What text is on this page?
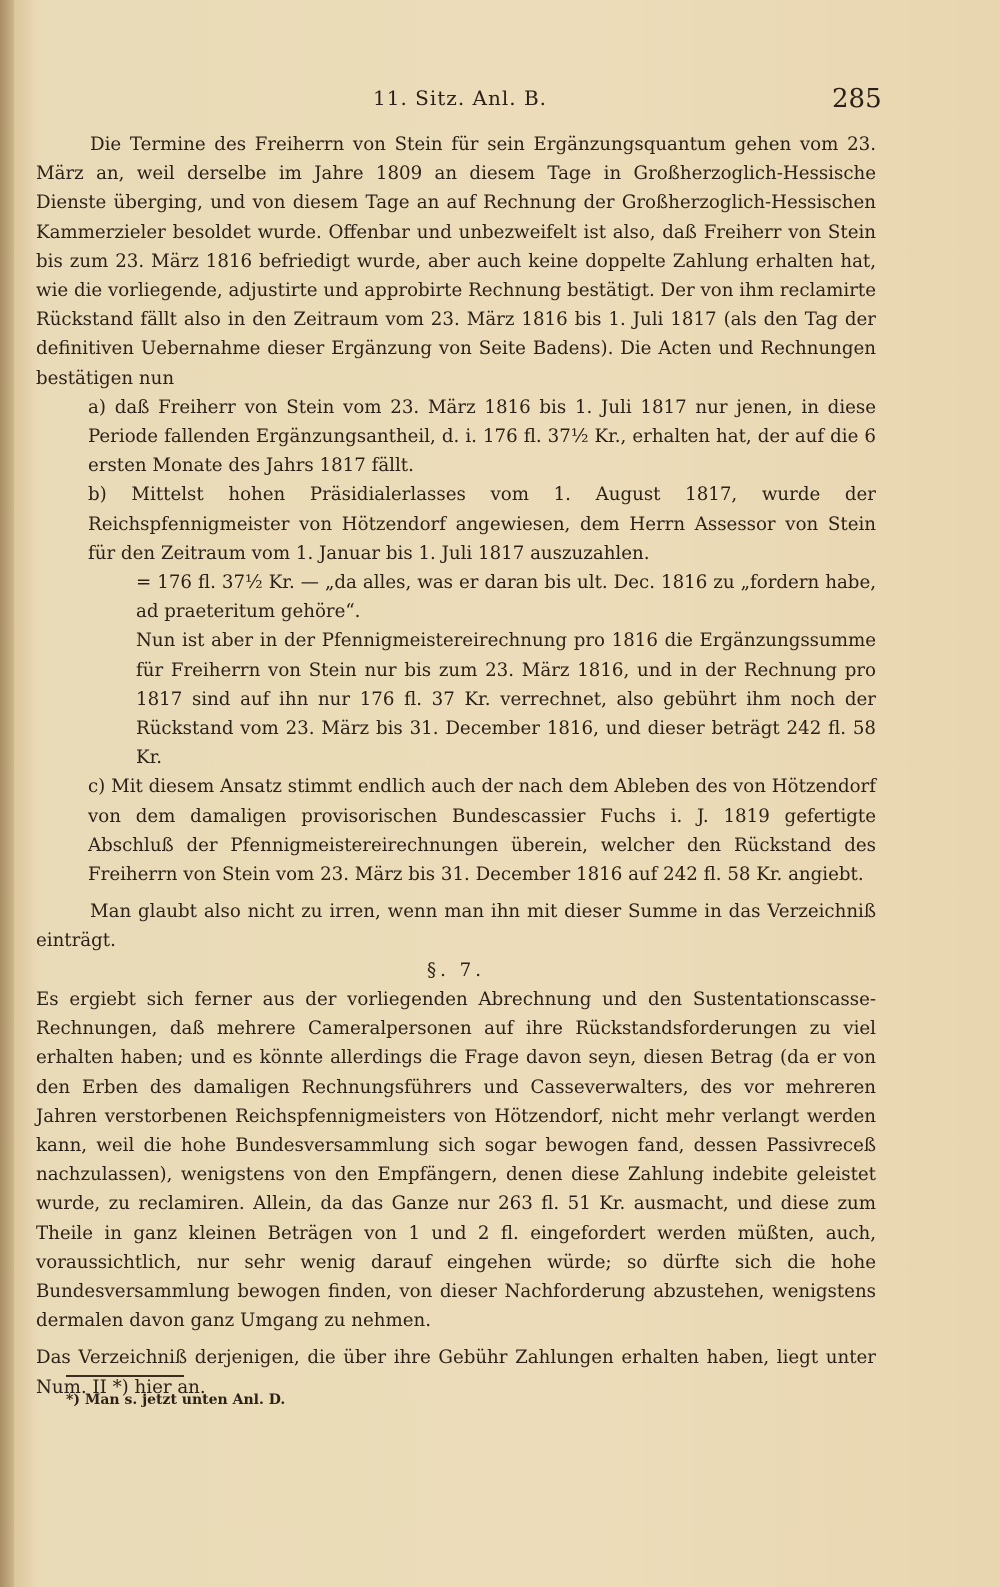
11. Sitz. Anl. B.	285

Die Termine des Freiherrn von Stein für sein Ergänzungsquantum gehen vom 23. März an, weil derselbe im Jahre 1809 an diesem Tage in Großherzoglich-Hessische Dienste überging, und von diesem Tage an auf Rechnung der Großherzoglich-Hessischen Kammerzieler besoldet wurde. Offenbar und unbezweifelt ist also, daß Freiherr von Stein bis zum 23. März 1816 befriedigt wurde, aber auch keine doppelte Zahlung erhalten hat, wie die vorliegende, adjustirte und approbirte Rechnung bestätigt. Der von ihm reclamirte Rückstand fällt also in den Zeitraum vom 23. März 1816 bis 1. Juli 1817 (als den Tag der definitiven Uebernahme dieser Ergänzung von Seite Badens). Die Acten und Rechnungen bestätigen nun

a) daß Freiherr von Stein vom 23. März 1816 bis 1. Juli 1817 nur jenen, in diese Periode fallenden Ergänzungsantheil, d. i. 176 fl. 37½ Kr., erhalten hat, der auf die 6 ersten Monate des Jahrs 1817 fällt.

b) Mittelst hohen Präsidialerlasses vom 1. August 1817, wurde der Reichspfennigmeister von Hötzendorf angewiesen, dem Herrn Assessor von Stein für den Zeitraum vom 1. Januar bis 1. Juli 1817 auszuzahlen.

= 176 fl. 37½ Kr. — „da alles, was er daran bis ult. Dec. 1816 zu „fordern habe, ad praeteritum gehöre“.

Nun ist aber in der Pfennigmeistereirechnung pro 1816 die Ergänzungssumme für Freiherrn von Stein nur bis zum 23. März 1816, und in der Rechnung pro 1817 sind auf ihn nur 176 fl. 37 Kr. verrechnet, also gebührt ihm noch der Rückstand vom 23. März bis 31. December 1816, und dieser beträgt 242 fl. 58 Kr.

c) Mit diesem Ansatz stimmt endlich auch der nach dem Ableben des von Hötzendorf von dem damaligen provisorischen Bundescassier Fuchs i. J. 1819 gefertigte Abschluß der Pfennigmeistereirechnungen überein, welcher den Rückstand des Freiherrn von Stein vom 23. März bis 31. December 1816 auf 242 fl. 58 Kr. angiebt.

Man glaubt also nicht zu irren, wenn man ihn mit dieser Summe in das Verzeichniß einträgt.

§. 7.

Es ergiebt sich ferner aus der vorliegenden Abrechnung und den Sustentationscasse-Rechnungen, daß mehrere Cameralpersonen auf ihre Rückstandsforderungen zu viel erhalten haben; und es könnte allerdings die Frage davon seyn, diesen Betrag (da er von den Erben des damaligen Rechnungsführers und Casseverwalters, des vor mehreren Jahren verstorbenen Reichspfennigmeisters von Hötzendorf, nicht mehr verlangt werden kann, weil die hohe Bundesversammlung sich sogar bewogen fand, dessen Passivreceß nachzulassen), wenigstens von den Empfängern, denen diese Zahlung indebite geleistet wurde, zu reclamiren. Allein, da das Ganze nur 263 fl. 51 Kr. ausmacht, und diese zum Theile in ganz kleinen Beträgen von 1 und 2 fl. eingefordert werden müßten, auch, voraussichtlich, nur sehr wenig darauf eingehen würde; so dürfte sich die hohe Bundesversammlung bewogen finden, von dieser Nachforderung abzustehen, wenigstens dermalen davon ganz Umgang zu nehmen.

Das Verzeichniß derjenigen, die über ihre Gebühr Zahlungen erhalten haben, liegt unter Num. II *) hier an.

*) Man s. jetzt unten Anl. D.
